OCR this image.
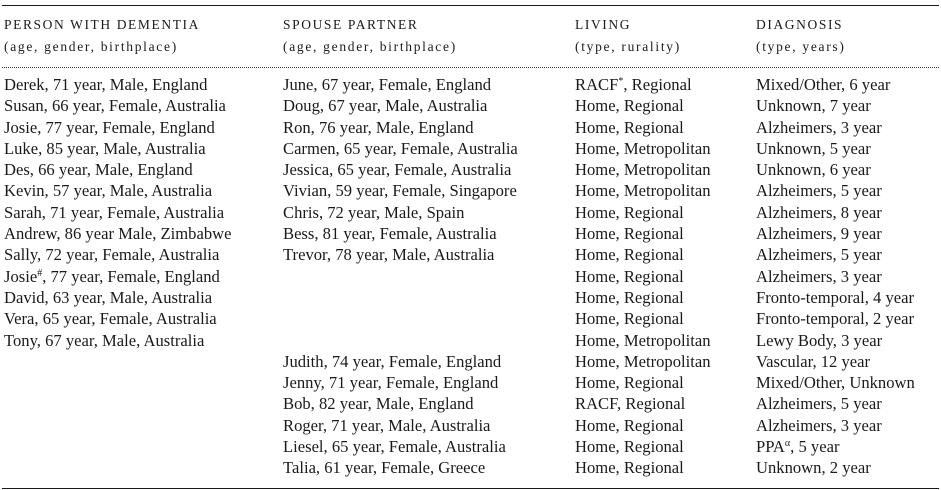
PERSON WITH DEMENTIA
(age, gender, birthplace)
SPOUSE PARTNER
(age, gender, birthplace)
LIVING
(type, rurality)
DIAGNOSIS
(type, years)
Derek, 71 year, Male, England
Susan, 66 year, Female, Australia
Josie, 77 year, Female, England
Luke, 85 year, Male, Australia
Des, 66 year, Male, England
Kevin, 57 year, Male, Australia
Sarah, 71 year, Female, Australia
Andrew, 86 year Male, Zimbabwe
Sally, 72 year, Female, Australia
Josie#, 77 year, Female, England
David, 63 year, Male, Australia
Vera, 65 year, Female, Australia
Tony, 67 year, Male, Australia
June, 67 year, Female, England
Doug, 67 year, Male, Australia
Ron, 76 year, Male, England
Carmen, 65 year, Female, Australia
Jessica, 65 year, Female, Australia
Vivian, 59 year, Female, Singapore
Chris, 72 year, Male, Spain
Bess, 81 year, Female, Australia
Trevor, 78 year, Male, Australia
Judith, 74 year, Female, England
Jenny, 71 year, Female, England
Bob, 82 year, Male, England
Roger, 71 year, Male, Australia
Liesel, 65 year, Female, Australia
Talia, 61 year, Female, Greece
RACF*, Regional
Home, Regional
Home, Regional
Home, Metropolitan
Home, Metropolitan
Home, Metropolitan
Home, Regional
Home, Regional
Home, Regional
Home, Regional
Home, Regional
Home, Regional
Home, Metropolitan
Home, Metropolitan
Home, Regional
RACF, Regional
Home, Regional
Home, Regional
Home, Regional
Mixed/Other, 6 year
Unknown, 7 year
Alzheimers, 3 year
Unknown, 5 year
Unknown, 6 year
Alzheimers, 5 year
Alzheimers, 8 year
Alzheimers, 9 year
Alzheimers, 5 year
Alzheimers, 3 year
Fronto-temporal, 4 year
Fronto-temporal, 2 year
Lewy Body, 3 year
Vascular, 12 year
Mixed/Other, Unknown
Alzheimers, 5 year
Alzheimers, 3 year
$PPA^\alpha$, 5 year
Unknown, 2 year
